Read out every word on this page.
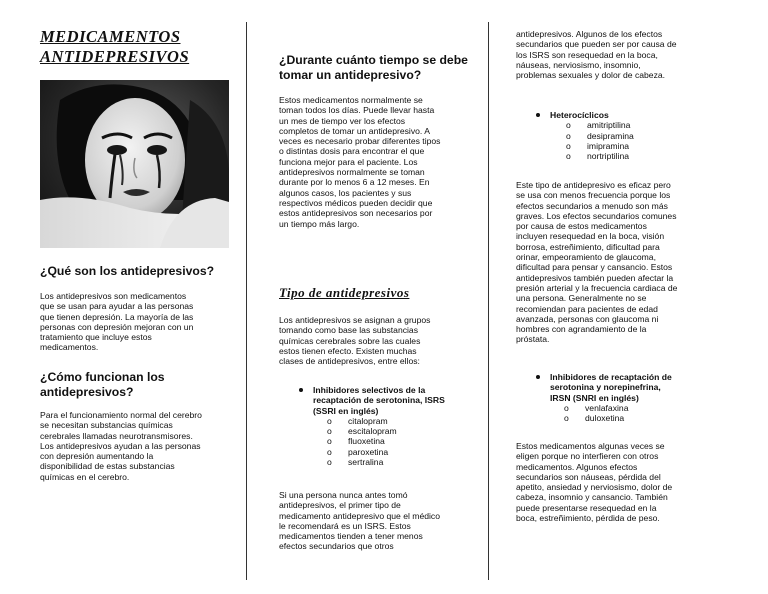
MEDICAMENTOS
ANTIDEPRESIVOS
¿Qué son los antidepresivos?

Los antidepresivos son medicamentos
que se usan para ayudar a las personas
que tienen depresión. La mayoría de las
personas con depresión mejoran con un
tratamiento que incluye estos
medicamentos.

¿Cómo funcionan los
antidepresivos?

Para el funcionamiento normal del cerebro
se necesitan substancias químicas
cerebrales llamadas neurotransmisores.
Los antidepresivos ayudan a las personas
con depresión aumentando la
disponibilidad de estas substancias
químicas en el cerebro.

¿Durante cuánto tiempo se debe
tomar un antidepresivo?

Estos medicamentos normalmente se
toman todos los días. Puede llevar hasta
un mes de tiempo ver los efectos
completos de tomar un antidepresivo. A
veces es necesario probar diferentes tipos
o distintas dosis para encontrar el que
funciona mejor para el paciente. Los
antidepresivos normalmente se toman
durante por lo menos 6 a 12 meses. En
algunos casos, los pacientes y sus
respectivos médicos pueden decidir que
estos antidepresivos son necesarios por
un tiempo más largo.

Tipo de antidepresivos

Los antidepresivos se asignan a grupos
tomando como base las substancias
químicas cerebrales sobre las cuales
estos tienen efecto. Existen muchas
clases de antidepresivos, entre ellos:

Inhibidores selectivos de la
recaptación de serotonina, ISRS
(SSRI en inglés)
o citalopram
o escitalopram
o fluoxetina
o paroxetina
o sertralina

Si una persona nunca antes tomó
antidepresivos, el primer tipo de
medicamento antidepresivo que el médico
le recomendará es un ISRS. Estos
medicamentos tienden a tener menos
efectos secundarios que otros

antidepresivos. Algunos de los efectos
secundarios que pueden ser por causa de
los ISRS son resequedad en la boca,
náuseas, nerviosismo, insomnio,
problemas sexuales y dolor de cabeza.

Heterocíclicos
o amitriptilina
o desipramina
o imipramina
o nortriptilina

Este tipo de antidepresivo es eficaz pero
se usa con menos frecuencia porque los
efectos secundarios a menudo son más
graves. Los efectos secundarios comunes
por causa de estos medicamentos
incluyen resequedad en la boca, visión
borrosa, estreñimiento, dificultad para
orinar, empeoramiento de glaucoma,
dificultad para pensar y cansancio. Estos
antidepresivos también pueden afectar la
presión arterial y la frecuencia cardiaca de
una persona. Generalmente no se
recomiendan para pacientes de edad
avanzada, personas con glaucoma ni
hombres con agrandamiento de la
próstata.

Inhibidores de recaptación de
serotonina y norepinefrina,
IRSN (SNRI en inglés)
o venlafaxina
o duloxetina

Estos medicamentos algunas veces se
eligen porque no interfieren con otros
medicamentos. Algunos efectos
secundarios son náuseas, pérdida del
apetito, ansiedad y nerviosismo, dolor de
cabeza, insomnio y cansancio. También
puede presentarse resequedad en la
boca, estreñimiento, pérdida de peso.
